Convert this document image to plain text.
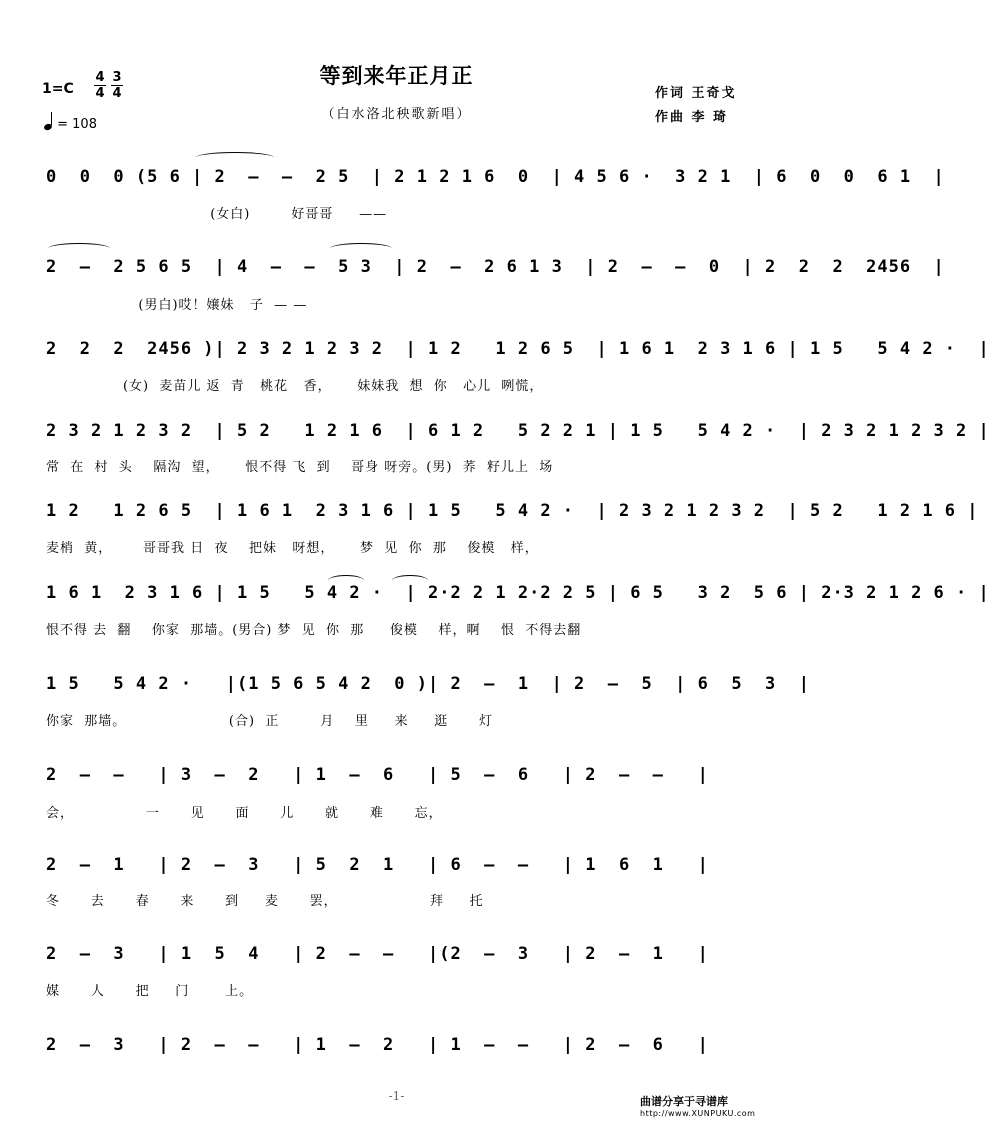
等到来年正月正
（白水洛北秧歌新唱）
1=C
4
4
3
4
= 108
作词 王奇戈
作曲 李 琦
0  0  0 (5 6 | 2  –  –  2 5  | 2 1 2 1 6  0  | 4 5 6 ·  3 2 1  | 6  0  0  6 1  |
(女白)        好哥哥     ——
2  –  2 5 6 5  | 4  –  –  5 3  | 2  –  2 6 1 3  | 2  –  –  0  | 2  2  2  2456  |
(男白)哎！嬢妹   子  — —
2  2  2  2456 )| 2 3 2 1 2 3 2  | 1 2   1 2 6 5  | 1 6 1  2 3 1 6 | 1 5   5 4 2 ·  |
(女)  麦苗儿 返  青   桃花   香，     妹妹我  想  你   心儿  咧慌，
2 3 2 1 2 3 2  | 5 2   1 2 1 6  | 6 1 2   5 2 2 1 | 1 5   5 4 2 ·  | 2 3 2 1 2 3 2 |
常  在  村  头    隔沟  望，     恨不得 飞  到    哥身 呀旁。(男)  荞  籽儿上  场
1 2   1 2 6 5  | 1 6 1  2 3 1 6 | 1 5   5 4 2 ·  | 2 3 2 1 2 3 2  | 5 2   1 2 1 6 |
麦梢  黄，      哥哥我 日  夜    把妹   呀想，     梦  见  你  那    俊模   样，
1 6 1  2 3 1 6 | 1 5   5 4 2 ·  | 2·2 2 1 2·2 2 5 | 6 5   3 2  5 6 | 2·3 2 1 2 6 · |
恨不得 去  翻    你家  那墙。(男合) 梦  见  你  那     俊模    样，啊    恨  不得去翻
1 5   5 4 2 ·   |(1 5 6 5 4 2  0 )| 2  –  1  | 2  –  5  | 6  5  3  |
你家  那墙。                    (合)  正        月    里     来     逛      灯
2  –  –   | 3  –  2   | 1  –  6   | 5  –  6   | 2  –  –   |
会，              一      见      面      儿      就      难      忘，
2  –  1   | 2  –  3   | 5  2  1   | 6  –  –   | 1  6  1   |
冬      去      春      来      到     麦      罢，                  拜     托
2  –  3   | 1  5  4   | 2  –  –   |(2  –  3   | 2  –  1   |
媒      人      把     门       上。
2  –  3   | 2  –  –   | 1  –  2   | 1  –  –   | 2  –  6   |
-1-	曲谱分享于寻谱库
http://www.XUNPUKU.com
